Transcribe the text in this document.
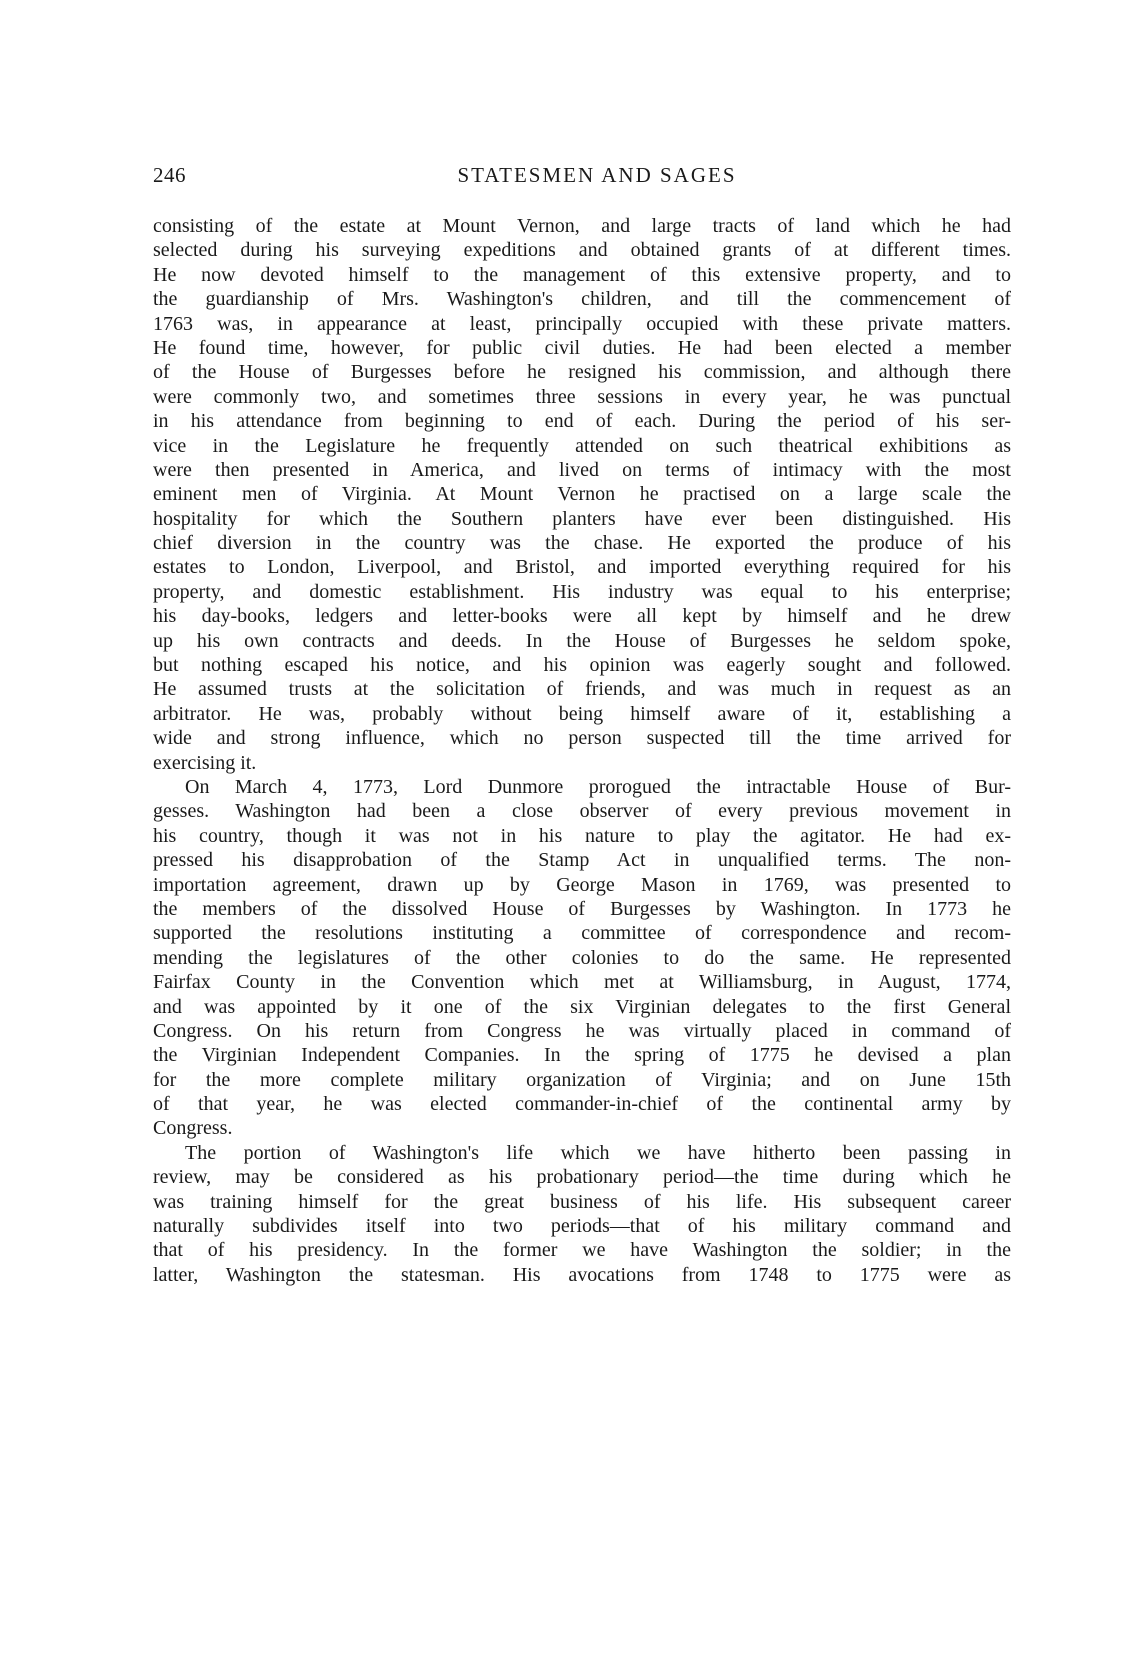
246	STATESMEN AND SAGES
consisting of the estate at Mount Vernon, and large tracts of land which he had
selected during his surveying expeditions and obtained grants of at different times.
He now devoted himself to the management of this extensive property, and to
the guardianship of Mrs. Washington's children, and till the commencement of
1763 was, in appearance at least, principally occupied with these private matters.
He found time, however, for public civil duties. He had been elected a member
of the House of Burgesses before he resigned his commission, and although there
were commonly two, and sometimes three sessions in every year, he was punctual
in his attendance from beginning to end of each. During the period of his ser-
vice in the Legislature he frequently attended on such theatrical exhibitions as
were then presented in America, and lived on terms of intimacy with the most
eminent men of Virginia. At Mount Vernon he practised on a large scale the
hospitality for which the Southern planters have ever been distinguished. His
chief diversion in the country was the chase. He exported the produce of his
estates to London, Liverpool, and Bristol, and imported everything required for his
property, and domestic establishment. His industry was equal to his enterprise;
his day-books, ledgers and letter-books were all kept by himself and he drew
up his own contracts and deeds. In the House of Burgesses he seldom spoke,
but nothing escaped his notice, and his opinion was eagerly sought and followed.
He assumed trusts at the solicitation of friends, and was much in request as an
arbitrator. He was, probably without being himself aware of it, establishing a
wide and strong influence, which no person suspected till the time arrived for
exercising it.
On March 4, 1773, Lord Dunmore prorogued the intractable House of Bur-
gesses. Washington had been a close observer of every previous movement in
his country, though it was not in his nature to play the agitator. He had ex-
pressed his disapprobation of the Stamp Act in unqualified terms. The non-
importation agreement, drawn up by George Mason in 1769, was presented to
the members of the dissolved House of Burgesses by Washington. In 1773 he
supported the resolutions instituting a committee of correspondence and recom-
mending the legislatures of the other colonies to do the same. He represented
Fairfax County in the Convention which met at Williamsburg, in August, 1774,
and was appointed by it one of the six Virginian delegates to the first General
Congress. On his return from Congress he was virtually placed in command of
the Virginian Independent Companies. In the spring of 1775 he devised a plan
for the more complete military organization of Virginia; and on June 15th
of that year, he was elected commander-in-chief of the continental army by
Congress.
The portion of Washington's life which we have hitherto been passing in
review, may be considered as his probationary period—the time during which he
was training himself for the great business of his life. His subsequent career
naturally subdivides itself into two periods—that of his military command and
that of his presidency. In the former we have Washington the soldier; in the
latter, Washington the statesman. His avocations from 1748 to 1775 were as
